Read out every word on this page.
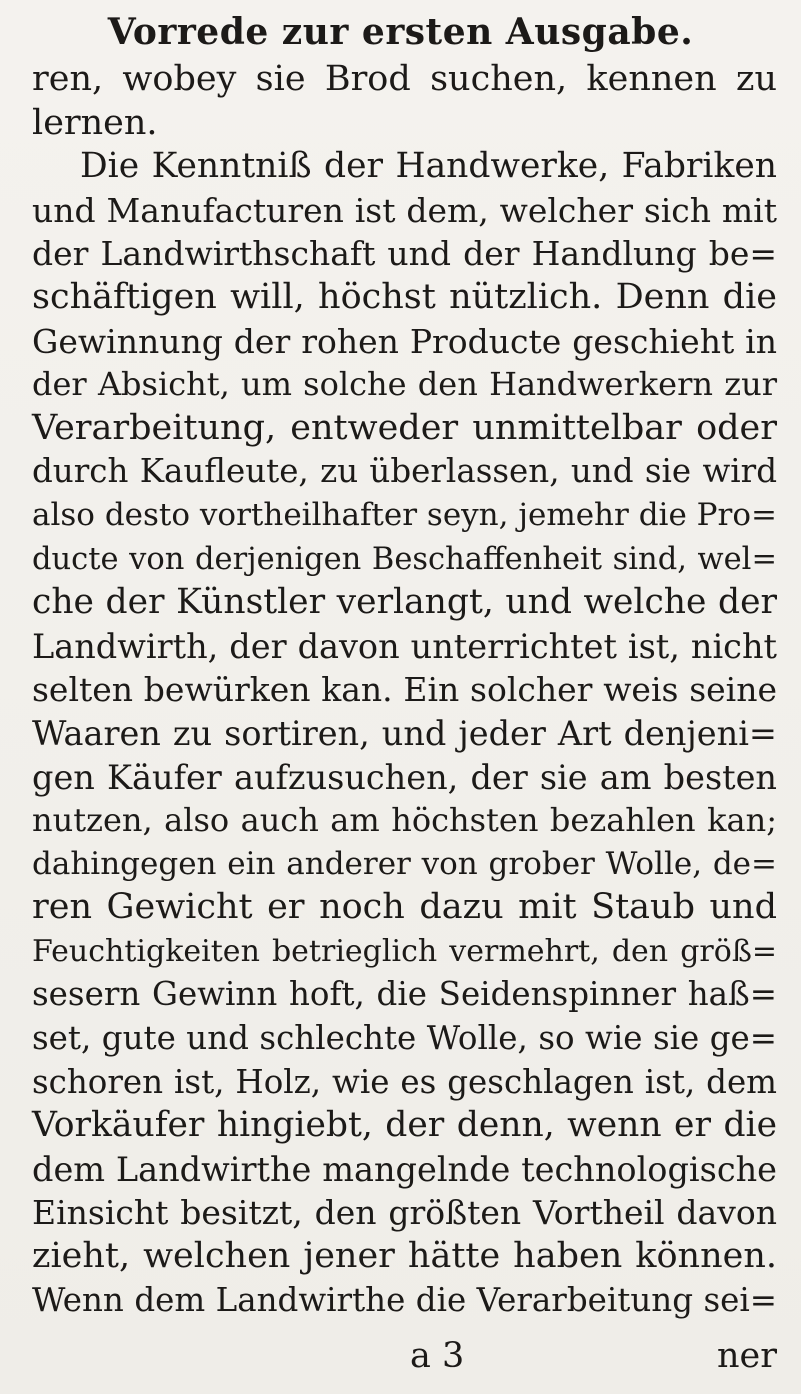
Vorrede zur ersten Ausgabe.
ren, wobey sie Brod suchen, kennen zu
lernen.
Die Kenntniß der Handwerke, Fabriken
und Manufacturen ist dem, welcher sich mit
der Landwirthschaft und der Handlung be=
schäftigen will, höchst nützlich. Denn die
Gewinnung der rohen Producte geschieht in
der Absicht, um solche den Handwerkern zur
Verarbeitung, entweder unmittelbar oder
durch Kaufleute, zu überlassen, und sie wird
also desto vortheilhafter seyn, jemehr die Pro=
ducte von derjenigen Beschaffenheit sind, wel=
che der Künstler verlangt, und welche der
Landwirth, der davon unterrichtet ist, nicht
selten bewürken kan. Ein solcher weis seine
Waaren zu sortiren, und jeder Art denjeni=
gen Käufer aufzusuchen, der sie am besten
nutzen, also auch am höchsten bezahlen kan;
dahingegen ein anderer von grober Wolle, de=
ren Gewicht er noch dazu mit Staub und
Feuchtigkeiten betrieglich vermehrt, den größ=
sesern Gewinn hoft, die Seidenspinner haß=
set, gute und schlechte Wolle, so wie sie ge=
schoren ist, Holz, wie es geschlagen ist, dem
Vorkäufer hingiebt, der denn, wenn er die
dem Landwirthe mangelnde technologische
Einsicht besitzt, den größten Vortheil davon
zieht, welchen jener hätte haben können.
Wenn dem Landwirthe die Verarbeitung sei=
a 3	ner
